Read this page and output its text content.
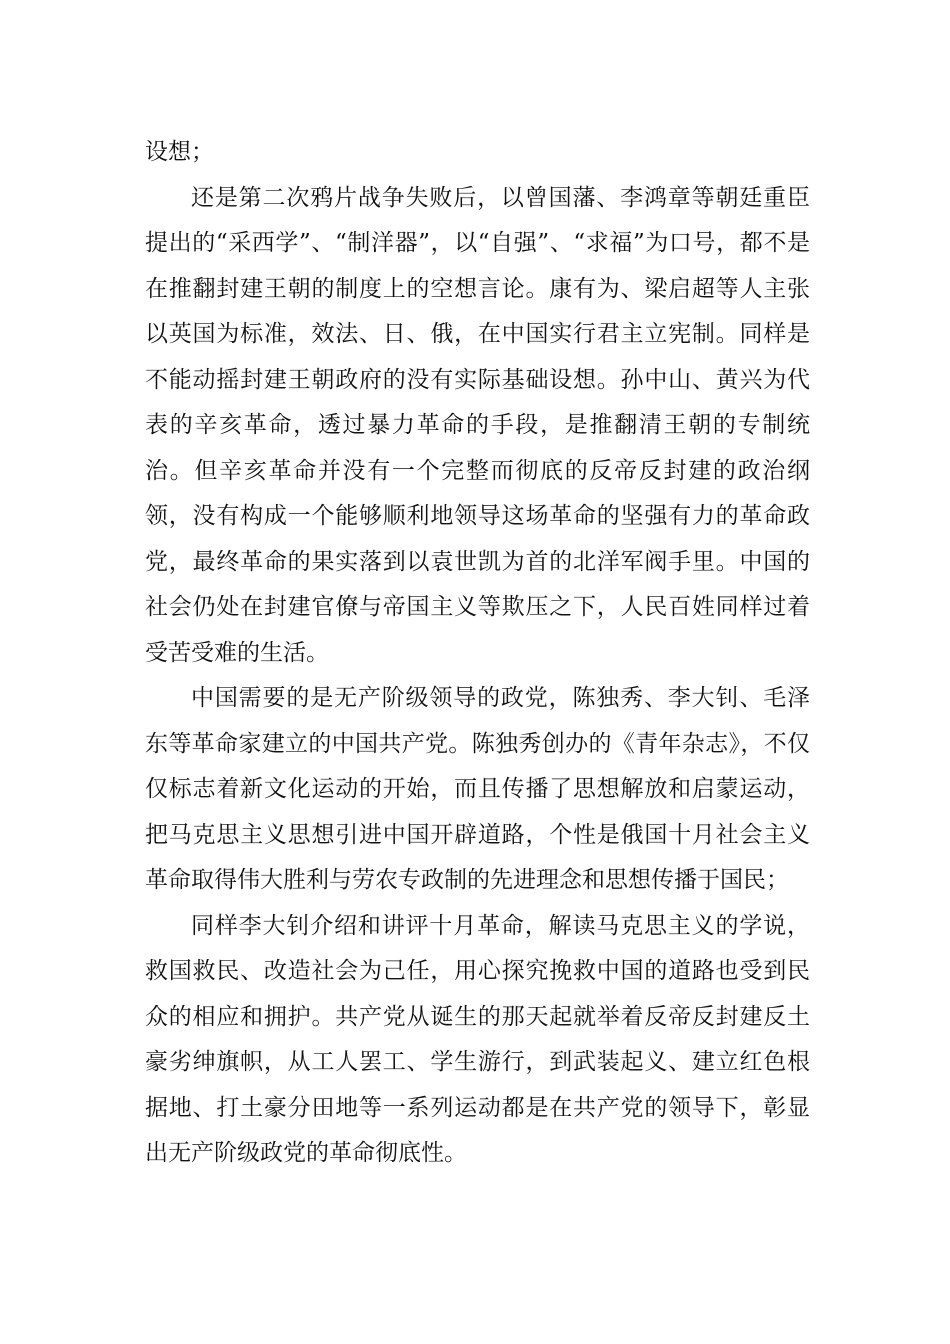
设想；

还是第二次鸦片战争失败后，以曾国藩、李鸿章等朝廷重臣提出的“采西学”、“制洋器”，以“自强”、“求福”为口号，都不是在推翻封建王朝的制度上的空想言论。康有为、梁启超等人主张以英国为标准，效法、日、俄，在中国实行君主立宪制。同样是不能动摇封建王朝政府的没有实际基础设想。孙中山、黄兴为代表的辛亥革命，透过暴力革命的手段，是推翻清王朝的专制统治。但辛亥革命并没有一个完整而彻底的反帝反封建的政治纲领，没有构成一个能够顺利地领导这场革命的坚强有力的革命政党，最终革命的果实落到以袁世凯为首的北洋军阀手里。中国的社会仍处在封建官僚与帝国主义等欺压之下，人民百姓同样过着受苦受难的生活。

中国需要的是无产阶级领导的政党，陈独秀、李大钊、毛泽东等革命家建立的中国共产党。陈独秀创办的《青年杂志》，不仅仅标志着新文化运动的开始，而且传播了思想解放和启蒙运动，把马克思主义思想引进中国开辟道路，个性是俄国十月社会主义革命取得伟大胜利与劳农专政制的先进理念和思想传播于国民；

同样李大钊介绍和讲评十月革命，解读马克思主义的学说，救国救民、改造社会为己任，用心探究挽救中国的道路也受到民众的相应和拥护。共产党从诞生的那天起就举着反帝反封建反土豪劣绅旗帜，从工人罢工、学生游行，到武装起义、建立红色根据地、打土豪分田地等一系列运动都是在共产党的领导下，彰显出无产阶级政党的革命彻底性。
